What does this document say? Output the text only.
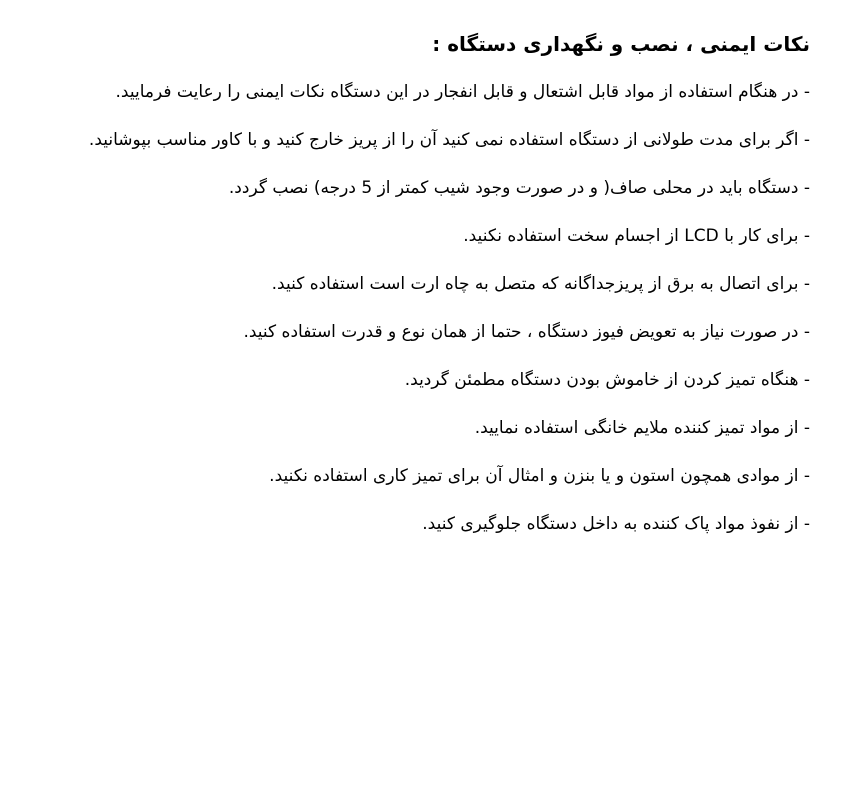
نکات ایمنی ، نصب و نگهداری دستگاه :
- در هنگام استفاده از مواد قابل اشتعال و قابل انفجار در این دستگاه نکات ایمنی را رعایت فرمایید.
- اگر برای مدت طولانی از دستگاه استفاده نمی کنید آن را از پریز خارج کنید و با کاور مناسب بپوشانید.
- دستگاه باید در محلی صاف( و در صورت وجود شیب کمتر از 5 درجه) نصب گردد.
- برای کار با LCD از اجسام سخت استفاده نکنید.
- برای اتصال به برق از پریزجداگانه که متصل به چاه ارت است استفاده کنید.
- در صورت نیاز به تعویض فیوز دستگاه ، حتما از همان نوع و قدرت استفاده کنید.
- هنگاه تمیز کردن از خاموش بودن دستگاه مطمئن گردید.
- از مواد تمیز کننده ملایم خانگی استفاده نمایید.
- از موادی همچون استون و یا بنزن و امثال آن برای تمیز کاری استفاده نکنید.
- از نفوذ مواد پاک کننده به داخل دستگاه جلوگیری کنید.
